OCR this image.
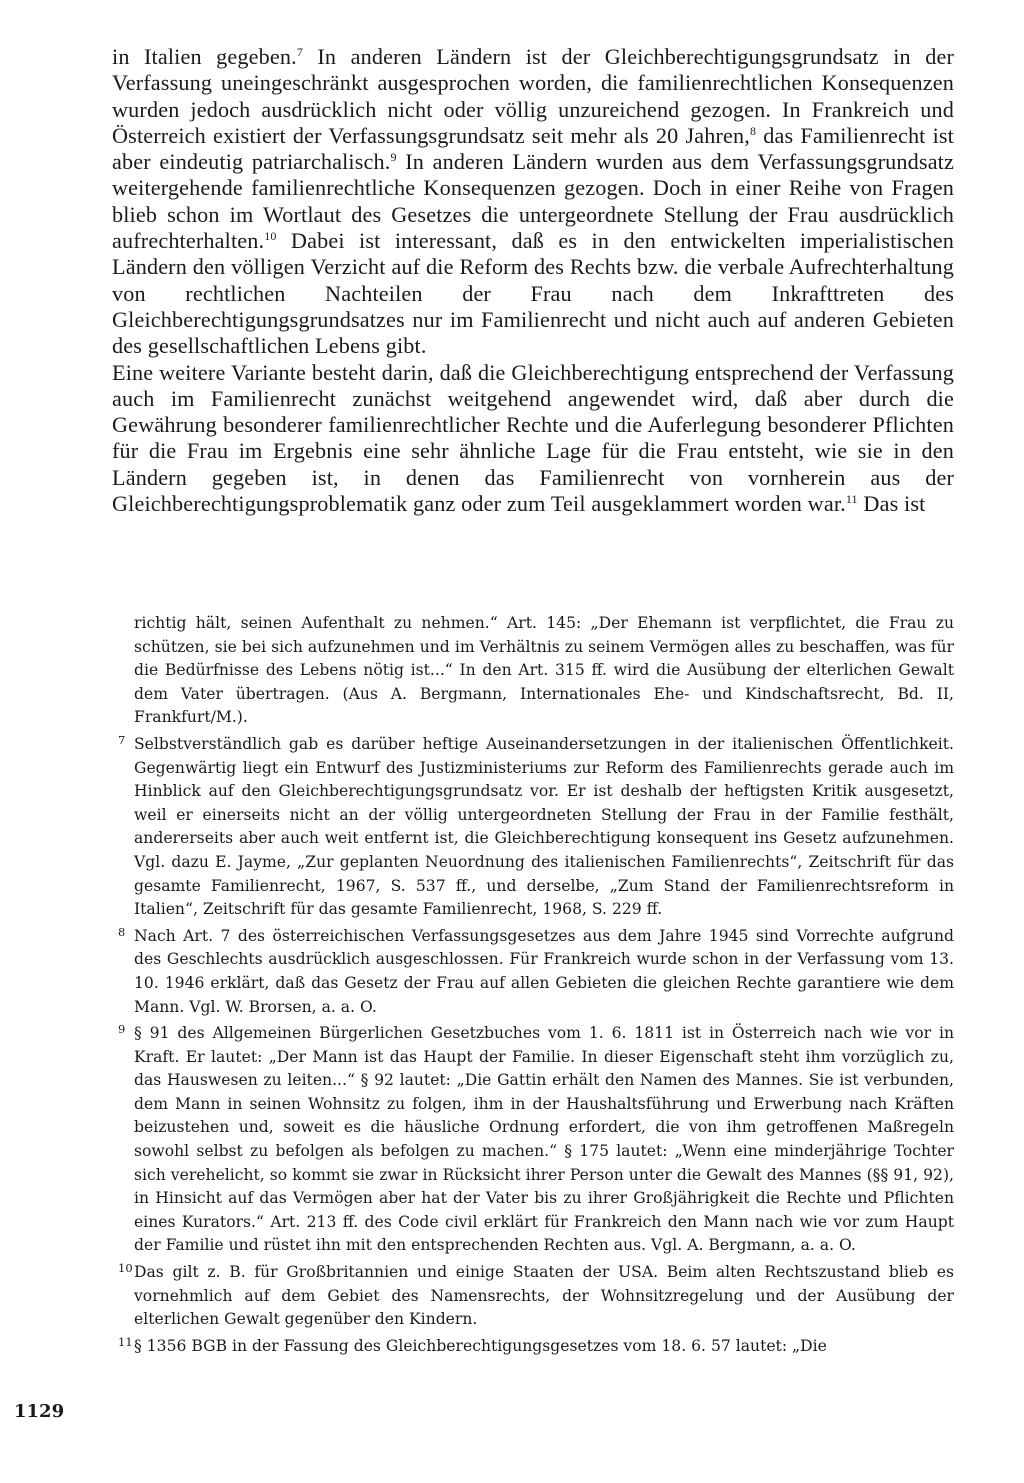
in Italien gegeben.$^7$ In anderen Ländern ist der Gleichberechtigungsgrundsatz in der Verfassung uneingeschränkt ausgesprochen worden, die familienrechtlichen Konsequenzen wurden jedoch ausdrücklich nicht oder völlig unzureichend gezogen. In Frankreich und Österreich existiert der Verfassungsgrundsatz seit mehr als 20 Jahren,$^8$ das Familienrecht ist aber eindeutig patriarchalisch.$^9$ In anderen Ländern wurden aus dem Verfassungsgrundsatz weitergehende familienrechtliche Konsequenzen gezogen. Doch in einer Reihe von Fragen blieb schon im Wortlaut des Gesetzes die untergeordnete Stellung der Frau ausdrücklich aufrechterhalten.$^{10}$ Dabei ist interessant, daß es in den entwickelten imperialistischen Ländern den völligen Verzicht auf die Reform des Rechts bzw. die verbale Aufrechterhaltung von rechtlichen Nachteilen der Frau nach dem Inkrafttreten des Gleichberechtigungsgrundsatzes nur im Familienrecht und nicht auch auf anderen Gebieten des gesellschaftlichen Lebens gibt.

Eine weitere Variante besteht darin, daß die Gleichberechtigung entsprechend der Verfassung auch im Familienrecht zunächst weitgehend angewendet wird, daß aber durch die Gewährung besonderer familienrechtlicher Rechte und die Auferlegung besonderer Pflichten für die Frau im Ergebnis eine sehr ähnliche Lage für die Frau entsteht, wie sie in den Ländern gegeben ist, in denen das Familienrecht von vornherein aus der Gleichberechtigungsproblematik ganz oder zum Teil ausgeklammert worden war.$^{11}$ Das ist

richtig hält, seinen Aufenthalt zu nehmen.“ Art. 145: „Der Ehemann ist verpflichtet, die Frau zu schützen, sie bei sich aufzunehmen und im Verhältnis zu seinem Vermögen alles zu beschaffen, was für die Bedürfnisse des Lebens nötig ist...“ In den Art. 315 ff. wird die Ausübung der elterlichen Gewalt dem Vater übertragen. (Aus A. Bergmann, Internationales Ehe- und Kindschaftsrecht, Bd. II, Frankfurt/M.).
7 Selbstverständlich gab es darüber heftige Auseinandersetzungen in der italienischen Öffentlichkeit. Gegenwärtig liegt ein Entwurf des Justizministeriums zur Reform des Familienrechts gerade auch im Hinblick auf den Gleichberechtigungsgrundsatz vor. Er ist deshalb der heftigsten Kritik ausgesetzt, weil er einerseits nicht an der völlig untergeordneten Stellung der Frau in der Familie festhält, andererseits aber auch weit entfernt ist, die Gleichberechtigung konsequent ins Gesetz aufzunehmen. Vgl. dazu E. Jayme, „Zur geplanten Neuordnung des italienischen Familienrechts“, Zeitschrift für das gesamte Familienrecht, 1967, S. 537 ff., und derselbe, „Zum Stand der Familienrechtsreform in Italien“, Zeitschrift für das gesamte Familienrecht, 1968, S. 229 ff.
8 Nach Art. 7 des österreichischen Verfassungsgesetzes aus dem Jahre 1945 sind Vorrechte aufgrund des Geschlechts ausdrücklich ausgeschlossen. Für Frankreich wurde schon in der Verfassung vom 13. 10. 1946 erklärt, daß das Gesetz der Frau auf allen Gebieten die gleichen Rechte garantiere wie dem Mann. Vgl. W. Brorsen, a. a. O.
9 § 91 des Allgemeinen Bürgerlichen Gesetzbuches vom 1. 6. 1811 ist in Österreich nach wie vor in Kraft. Er lautet: „Der Mann ist das Haupt der Familie. In dieser Eigenschaft steht ihm vorzüglich zu, das Hauswesen zu leiten...“ § 92 lautet: „Die Gattin erhält den Namen des Mannes. Sie ist verbunden, dem Mann in seinen Wohnsitz zu folgen, ihm in der Haushaltsführung und Erwerbung nach Kräften beizustehen und, soweit es die häusliche Ordnung erfordert, die von ihm getroffenen Maßregeln sowohl selbst zu befolgen als befolgen zu machen.“ § 175 lautet: „Wenn eine minderjährige Tochter sich verehelicht, so kommt sie zwar in Rücksicht ihrer Person unter die Gewalt des Mannes (§§ 91, 92), in Hinsicht auf das Vermögen aber hat der Vater bis zu ihrer Großjährigkeit die Rechte und Pflichten eines Kurators.“ Art. 213 ff. des Code civil erklärt für Frankreich den Mann nach wie vor zum Haupt der Familie und rüstet ihn mit den entsprechenden Rechten aus. Vgl. A. Bergmann, a. a. O.
10 Das gilt z. B. für Großbritannien und einige Staaten der USA. Beim alten Rechtszustand blieb es vornehmlich auf dem Gebiet des Namensrechts, der Wohnsitzregelung und der Ausübung der elterlichen Gewalt gegenüber den Kindern.
11 § 1356 BGB in der Fassung des Gleichberechtigungsgesetzes vom 18. 6. 57 lautet: „Die
1129
